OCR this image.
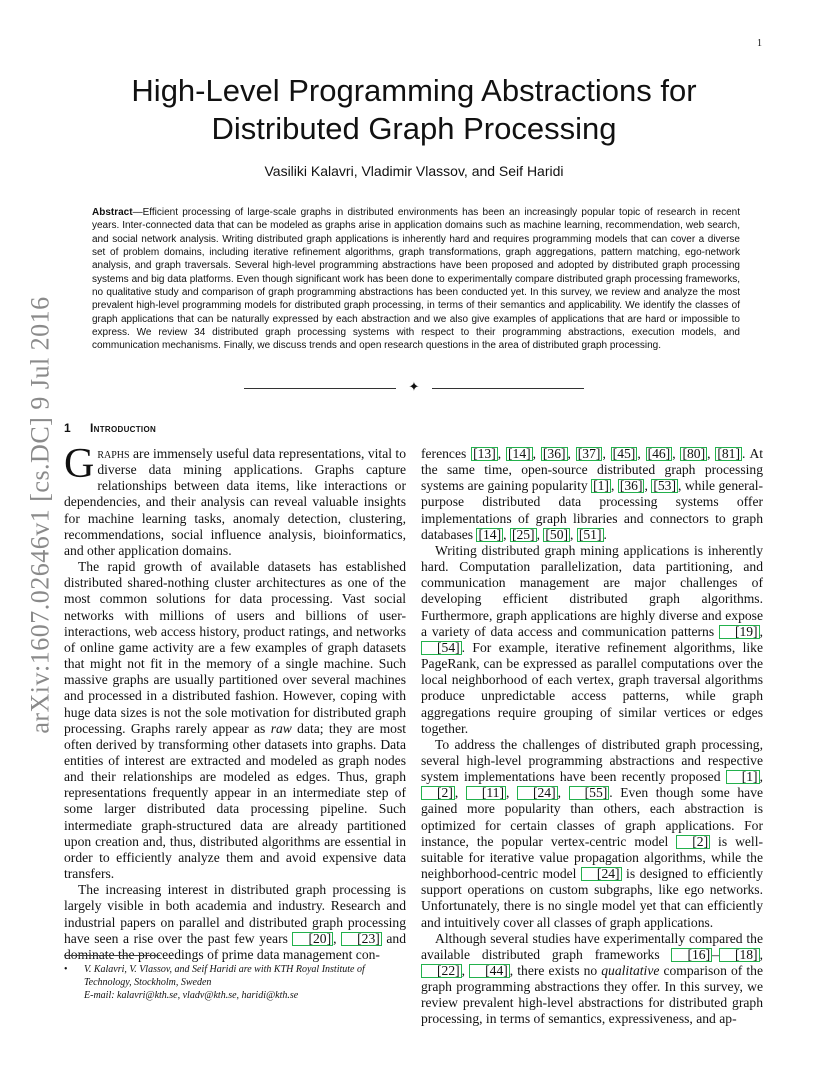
1
arXiv:1607.02646v1 [cs.DC] 9 Jul 2016
High-Level Programming Abstractions for Distributed Graph Processing
Vasiliki Kalavri, Vladimir Vlassov, and Seif Haridi
Abstract—Efficient processing of large-scale graphs in distributed environments has been an increasingly popular topic of research in recent years. Inter-connected data that can be modeled as graphs arise in application domains such as machine learning, recommendation, web search, and social network analysis. Writing distributed graph applications is inherently hard and requires programming models that can cover a diverse set of problem domains, including iterative refinement algorithms, graph transformations, graph aggregations, pattern matching, ego-network analysis, and graph traversals. Several high-level programming abstractions have been proposed and adopted by distributed graph processing systems and big data platforms. Even though significant work has been done to experimentally compare distributed graph processing frameworks, no qualitative study and comparison of graph programming abstractions has been conducted yet. In this survey, we review and analyze the most prevalent high-level programming models for distributed graph processing, in terms of their semantics and applicability. We identify the classes of graph applications that can be naturally expressed by each abstraction and we also give examples of applications that are hard or impossible to express. We review 34 distributed graph processing systems with respect to their programming abstractions, execution models, and communication mechanisms. Finally, we discuss trends and open research questions in the area of distributed graph processing.
✦
1 Introduction

Graphs are immensely useful data representations, vital to diverse data mining applications. Graphs capture relationships between data items, like interactions or dependencies, and their analysis can reveal valuable insights for machine learning tasks, anomaly detection, clustering, recommendations, social influence analysis, bioinformatics, and other application domains.

The rapid growth of available datasets has established distributed shared-nothing cluster architectures as one of the most common solutions for data processing. Vast social networks with millions of users and billions of user-interactions, web access history, product ratings, and networks of online game activity are a few examples of graph datasets that might not fit in the memory of a single machine. Such massive graphs are usually partitioned over several machines and processed in a distributed fashion. However, coping with huge data sizes is not the sole motivation for distributed graph processing. Graphs rarely appear as raw data; they are most often derived by transforming other datasets into graphs. Data entities of interest are extracted and modeled as graph nodes and their relationships are modeled as edges. Thus, graph representations frequently appear in an intermediate step of some larger distributed data processing pipeline. Such intermediate graph-structured data are already partitioned upon creation and, thus, distributed algorithms are essential in order to efficiently analyze them and avoid expensive data transfers.

The increasing interest in distributed graph processing is largely visible in both academia and industry. Research and industrial papers on parallel and distributed graph processing have seen a rise over the past few years [20] , [23] and dominate the proceedings of prime data management con-

ferences [13] , [14] , [36] , [37] , [45] , [46] , [80] , [81] . At the same time, open-source distributed graph processing systems are gaining popularity [1] , [36] , [53] , while general-purpose distributed data processing systems offer implementations of graph libraries and connectors to graph databases [14] , [25] , [50] , [51] .

Writing distributed graph mining applications is inherently hard. Computation parallelization, data partitioning, and communication management are major challenges of developing efficient distributed graph algorithms. Furthermore, graph applications are highly diverse and expose a variety of data access and communication patterns [19] , [54] . For example, iterative refinement algorithms, like PageRank, can be expressed as parallel computations over the local neighborhood of each vertex, graph traversal algorithms produce unpredictable access patterns, while graph aggregations require grouping of similar vertices or edges together.

To address the challenges of distributed graph processing, several high-level programming abstractions and respective system implementations have been recently proposed [1] , [2] , [11] , [24] , [55] . Even though some have gained more popularity than others, each abstraction is optimized for certain classes of graph applications. For instance, the popular vertex-centric model [2] is well-suitable for iterative value propagation algorithms, while the neighborhood-centric model [24] is designed to efficiently support operations on custom subgraphs, like ego networks. Unfortunately, there is no single model yet that can efficiently and intuitively cover all classes of graph applications.

Although several studies have experimentally compared the available distributed graph frameworks [16] – [18] , [22] , [44] , there exists no qualitative comparison of the graph programming abstractions they offer. In this survey, we review prevalent high-level abstractions for distributed graph processing, in terms of semantics, expressiveness, and ap-

• V. Kalavri, V. Vlassov, and Seif Haridi are with KTH Royal Institute of Technology, Stockholm, Sweden
E-mail: kalavri@kth.se, vladv@kth.se, haridi@kth.se
